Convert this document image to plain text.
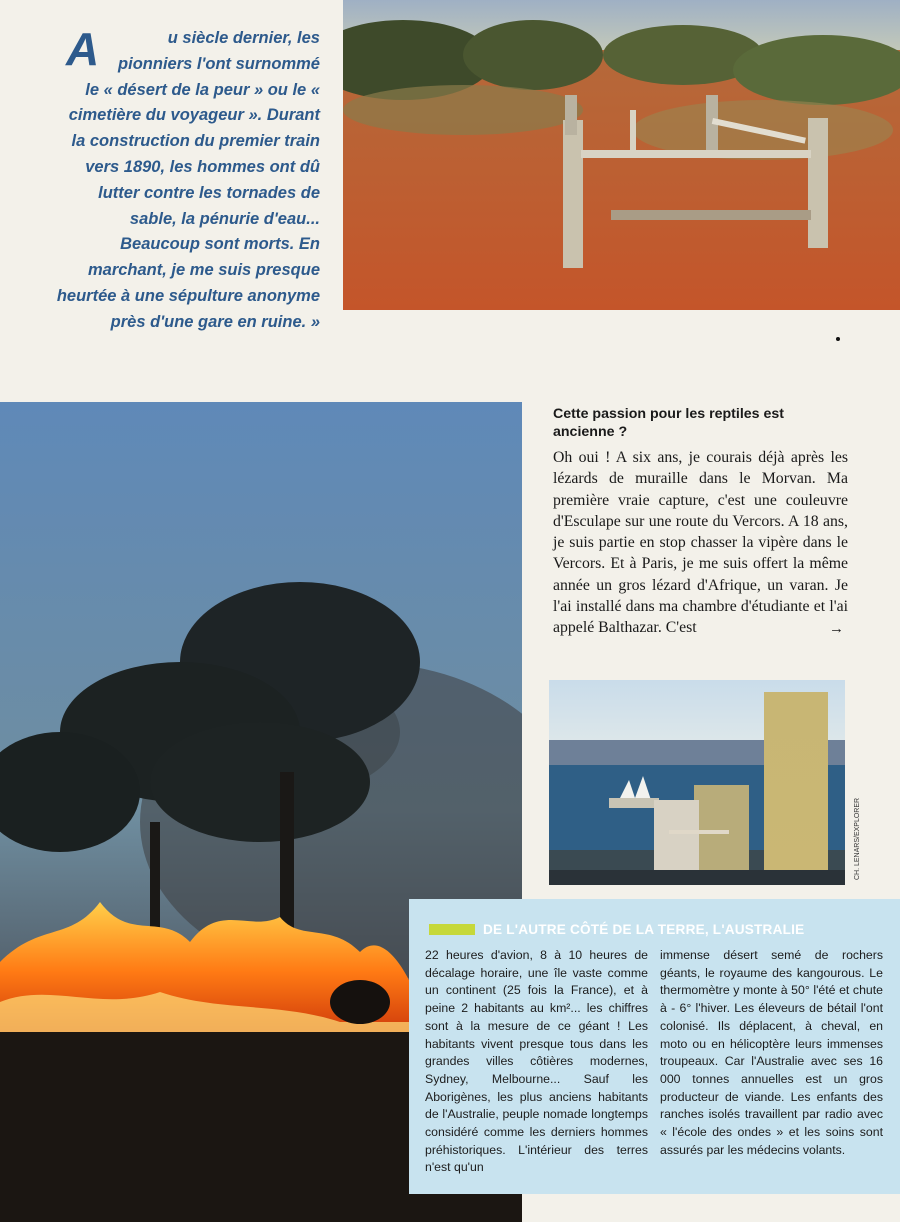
A	u siècle dernier, les pionniers l'ont surnommé le « désert de la peur » ou le « cimetière du voyageur ». Durant la construction du premier train vers 1890, les hommes ont dû lutter contre les tornades de sable, la pénurie d'eau... Beaucoup sont morts. En marchant, je me suis presque heurtée à une sépulture anonyme près d'une gare en ruine. »
Cette passion pour les reptiles est ancienne ?
Oh oui ! A six ans, je courais déjà après les lézards de muraille dans le Morvan. Ma première vraie capture, c'est une couleuvre d'Esculape sur une route du Vercors. A 18 ans, je suis partie en stop chasser la vipère dans le Vercors. Et à Paris, je me suis offert la même année un gros lézard d'Afrique, un varan. Je l'ai installé dans ma chambre d'étudiante et l'ai appelé Balthazar. C'est	→
CH. LENARS/EXPLORER
DE L'AUTRE CÔTÉ DE LA TERRE, L'AUSTRALIE
22 heures d'avion, 8 à 10 heures de décalage horaire, une île vaste comme un continent (25 fois la France), et à peine 2 habitants au km²... les chiffres sont à la mesure de ce géant ! Les habitants vivent presque tous dans les grandes villes côtières modernes, Sydney, Melbourne... Sauf les Aborigènes, les plus anciens habitants de l'Australie, peuple nomade longtemps considéré comme les derniers hommes préhistoriques. L'intérieur des terres n'est qu'un
immense désert semé de rochers géants, le royaume des kangourous. Le thermomètre y monte à 50° l'été et chute à - 6° l'hiver. Les éleveurs de bétail l'ont colonisé. Ils déplacent, à cheval, en moto ou en hélicoptère leurs immenses troupeaux. Car l'Australie avec ses 16 000 tonnes annuelles est un gros producteur de viande. Les enfants des ranches isolés travaillent par radio avec « l'école des ondes » et les soins sont assurés par les médecins volants.
